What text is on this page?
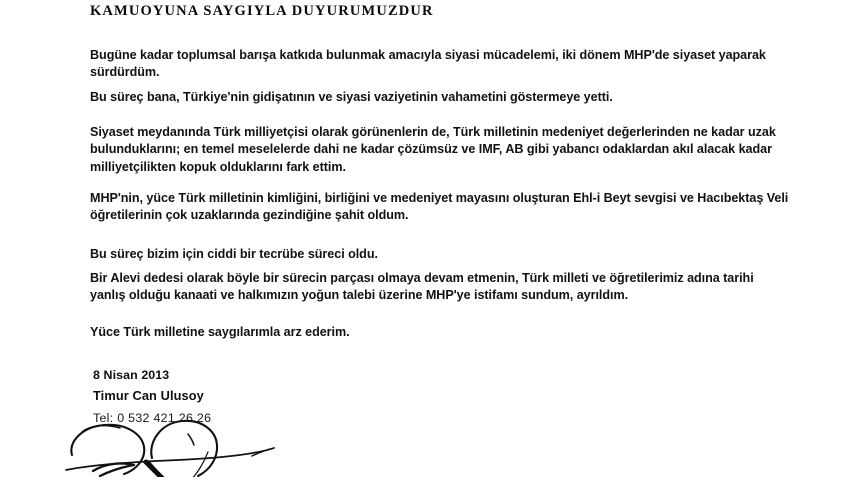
KAMUOYUNA SAYGIYLA DUYURUMUZDUR
Bugüne kadar toplumsal barışa katkıda bulunmak amacıyla siyasi mücadelemi, iki dönem MHP'de siyaset yaparak sürdürdüm.
Bu süreç bana, Türkiye'nin gidişatının ve siyasi vaziyetinin vahametini göstermeye yetti.
Siyaset meydanında Türk milliyetçisi olarak görünenlerin de, Türk milletinin medeniyet değerlerinden ne kadar uzak bulunduklarını; en temel meselelerde dahi ne kadar çözümsüz ve IMF, AB gibi yabancı odaklardan akıl alacak kadar milliyetçilikten kopuk olduklarını fark ettim.
MHP'nin, yüce Türk milletinin kimliğini, birliğini ve medeniyet mayasını oluşturan Ehl-i Beyt sevgisi ve Hacıbektaş Veli öğretilerinin çok uzaklarında gezindiğine şahit oldum.
Bu süreç bizim için ciddi bir tecrübe süreci oldu.
Bir Alevi dedesi olarak böyle bir sürecin parçası olmaya devam etmenin, Türk milleti ve öğretilerimiz adına tarihi yanlış olduğu kanaati ve halkımızın yoğun talebi üzerine MHP'ye istifamı sundum, ayrıldım.
Yüce Türk milletine saygılarımla arz ederim.
8 Nisan 2013
Timur Can Ulusoy
Tel: 0 532 421 26 26
